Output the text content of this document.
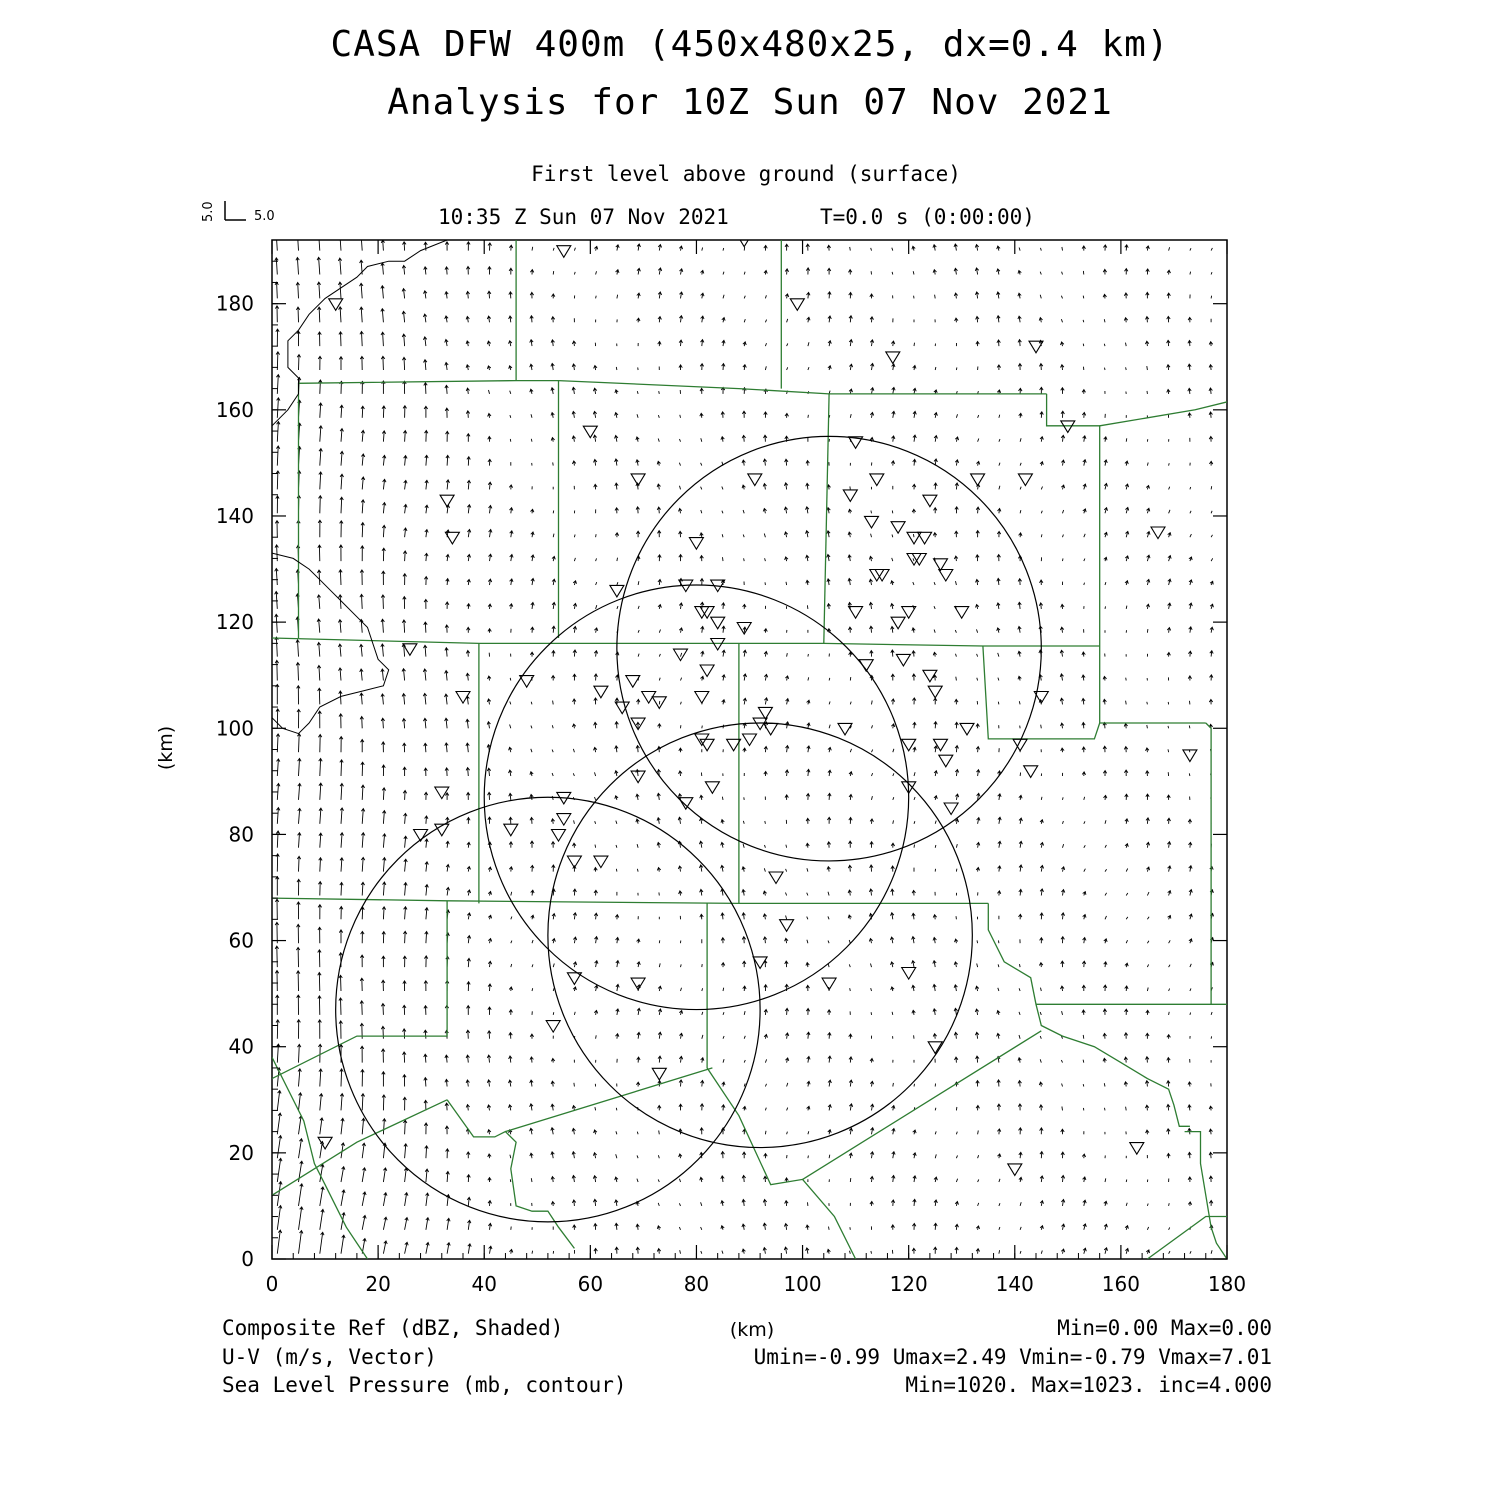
CASA DFW 400m (450x480x25, dx=0.4 km)
Analysis for 10Z Sun 07 Nov 2021
First level above ground (surface)
10:35 Z Sun 07 Nov 2021	T=0.0 s (0:00:00)
0	20	40	60	80	100	120	140	160	180
0
20
40
60
80
100
120
140
160
180
(km)
(km)
5.0	5.0
Composite Ref (dBZ, Shaded)	Min=0.00 Max=0.00
U-V (m/s, Vector)	Umin=-0.99 Umax=2.49 Vmin=-0.79 Vmax=7.01
Sea Level Pressure (mb, contour)	Min=1020. Max=1023. inc=4.000
